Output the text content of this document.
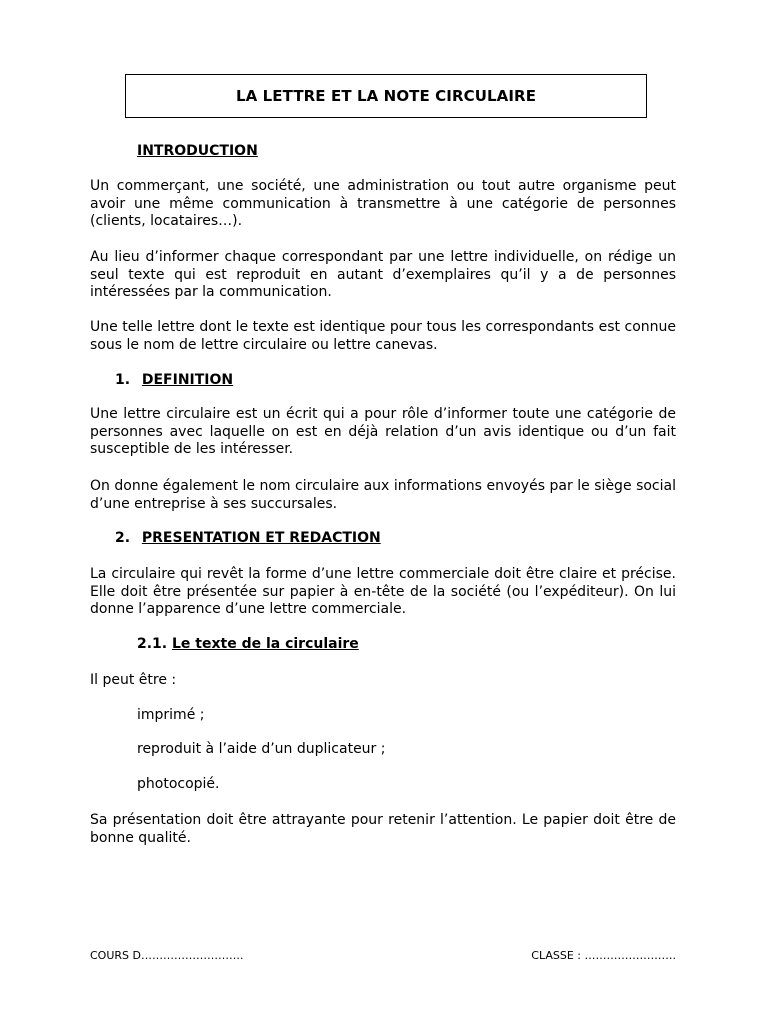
LA LETTRE ET LA NOTE CIRCULAIRE
INTRODUCTION
Un commerçant, une société, une administration ou tout autre organisme peut avoir une même communication à transmettre à une catégorie de personnes (clients, locataires…).
Au lieu d’informer chaque correspondant par une lettre individuelle, on rédige un seul texte qui est reproduit en autant d’exemplaires qu’il y a de personnes intéressées par la communication.
Une telle lettre dont le texte est identique pour tous les correspondants est connue sous le nom de lettre circulaire ou lettre canevas.
1. DEFINITION
Une lettre circulaire est un écrit qui a pour rôle d’informer toute une catégorie de personnes avec laquelle on est en déjà relation d’un avis identique ou d’un fait susceptible de les intéresser.
On donne également le nom circulaire aux informations envoyés par le siège social d’une entreprise à ses succursales.
2. PRESENTATION ET REDACTION
La circulaire qui revêt la forme d’une lettre commerciale doit être claire et précise. Elle doit être présentée sur papier à en-tête de la société (ou l’expéditeur). On lui donne l’apparence d’une lettre commerciale.
2.1. Le texte de la circulaire
Il peut être :
imprimé ;
reproduit à l’aide d’un duplicateur ;
photocopié.
Sa présentation doit être attrayante pour retenir l’attention. Le papier doit être de bonne qualité.
COURS D……………………….	CLASSE : …………………….
